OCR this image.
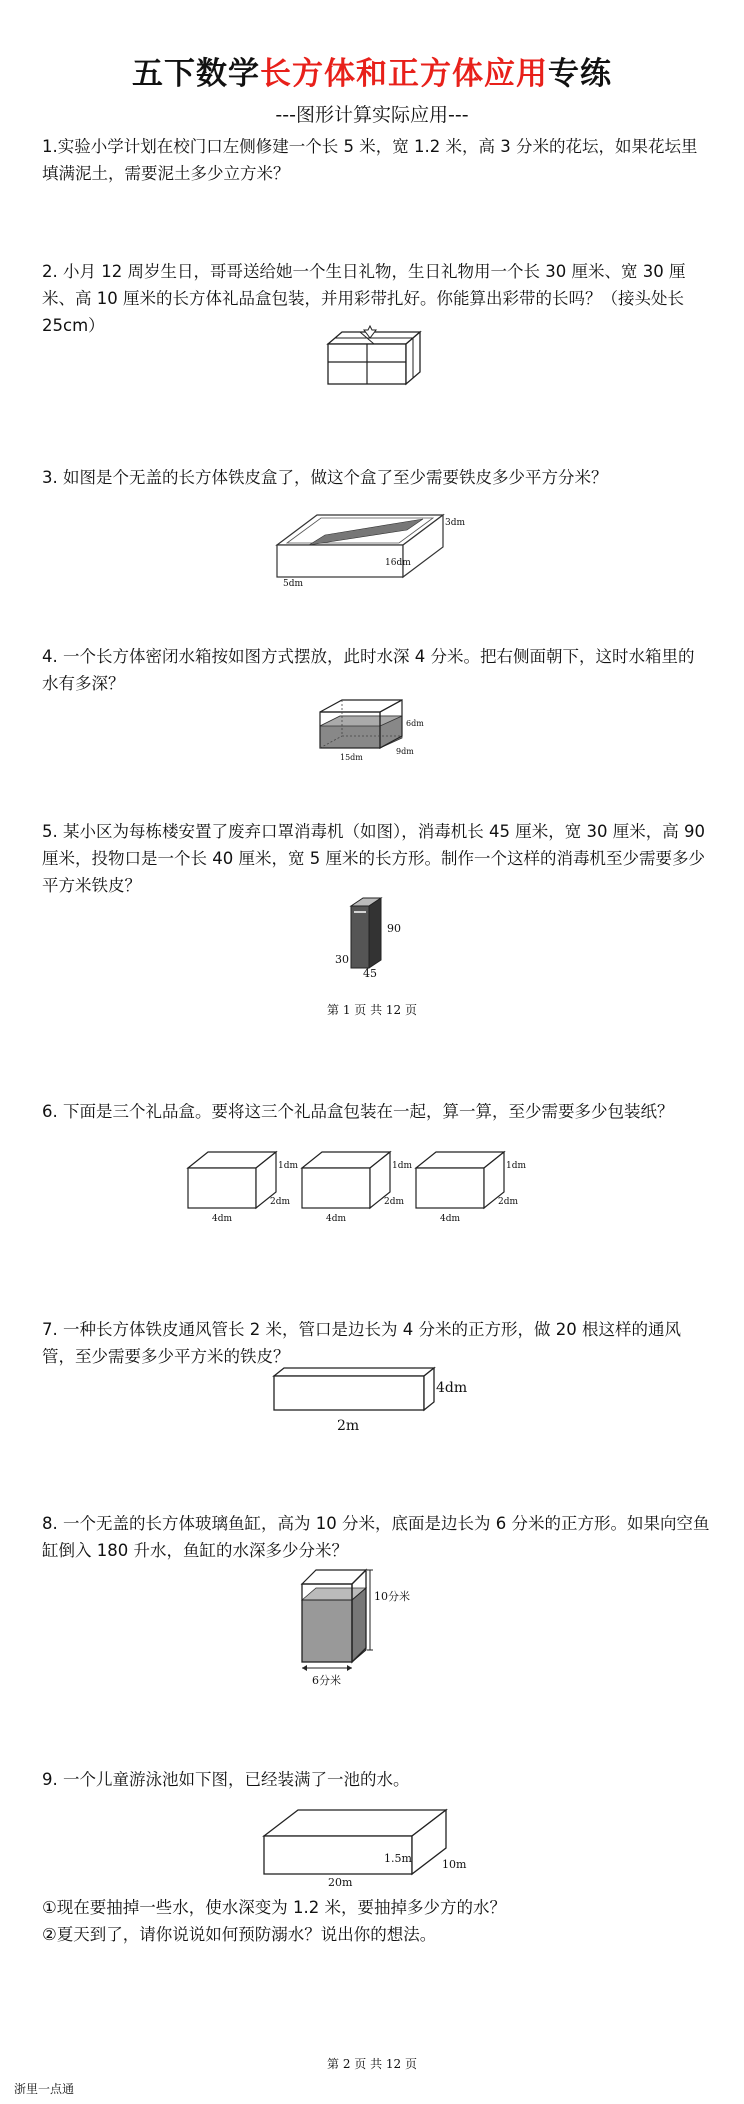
五下数学长方体和正方体应用专练
---图形计算实际应用---
1.实验小学计划在校门口左侧修建一个长 5 米，宽 1.2 米，高 3 分米的花坛，如果花坛里填满泥土，需要泥土多少立方米？
2. 小月 12 周岁生日，哥哥送给她一个生日礼物，生日礼物用一个长 30 厘米、宽 30 厘米、高 10 厘米的长方体礼品盒包装，并用彩带扎好。你能算出彩带的长吗？（接头处长 25cm）
3. 如图是个无盖的长方体铁皮盒了，做这个盒了至少需要铁皮多少平方分米？
3dm
16dm
5dm
4. 一个长方体密闭水箱按如图方式摆放，此时水深 4 分米。把右侧面朝下，这时水箱里的水有多深？
6dm
15dm
9dm
5. 某小区为每栋楼安置了废弃口罩消毒机（如图），消毒机长 45 厘米，宽 30 厘米，高 90 厘米，投物口是一个长 40 厘米，宽 5 厘米的长方形。制作一个这样的消毒机至少需要多少平方米铁皮？
90
30
45
第 1 页 共 12 页
6. 下面是三个礼品盒。要将这三个礼品盒包装在一起，算一算，至少需要多少包装纸？
1dm
2dm
4dm
1dm
2dm
4dm
1dm
2dm
4dm
7. 一种长方体铁皮通风管长 2 米，管口是边长为 4 分米的正方形，做 20 根这样的通风管，至少需要多少平方米的铁皮？
4dm
2m
8. 一个无盖的长方体玻璃鱼缸，高为 10 分米，底面是边长为 6 分米的正方形。如果向空鱼缸倒入 180 升水，鱼缸的水深多少分米？
10分米
6分米
9. 一个儿童游泳池如下图，已经装满了一池的水。
1.5m	10m
20m
①现在要抽掉一些水，使水深变为 1.2 米，要抽掉多少方的水？
②夏天到了，请你说说如何预防溺水？说出你的想法。
第 2 页 共 12 页
浙里一点通
